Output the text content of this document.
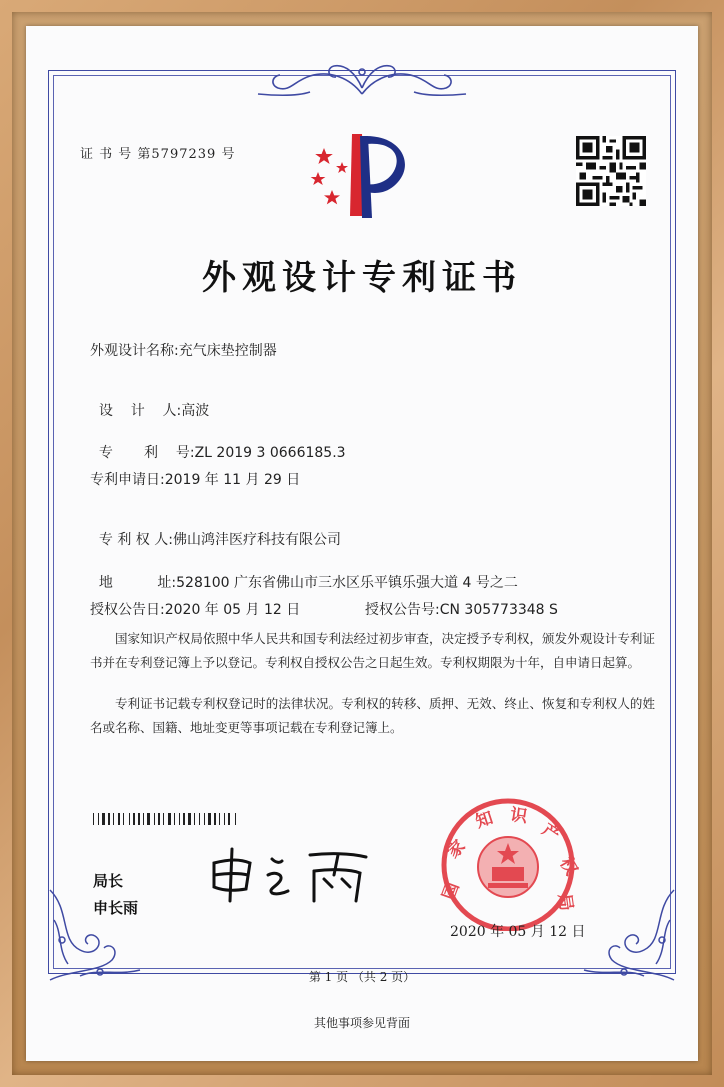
证 书 号 第5797239 号
外观设计专利证书
外观设计名称:充气床垫控制器

设    计    人:高波

专       利    号:ZL 2019 3 0666185.3

专利申请日:2019 年 11 月 29 日

专 利 权 人:佛山鸿沣医疗科技有限公司

地          址:528100 广东省佛山市三水区乐平镇乐强大道 4 号之二

授权公告日:2020 年 05 月 12 日	授权公告号:CN 305773348 S
国家知识产权局依照中华人民共和国专利法经过初步审查，决定授予专利权，颁发外观设计专利证书并在专利登记簿上予以登记。专利权自授权公告之日起生效。专利权期限为十年，自申请日起算。
专利证书记载专利权登记时的法律状况。专利权的转移、质押、无效、终止、恢复和专利权人的姓名或名称、国籍、地址变更等事项记载在专利登记簿上。
局长
申长雨
国
家
知 识
产
权
局
2020 年 05 月 12 日
第 1 页 （共 2 页）
其他事项参见背面
